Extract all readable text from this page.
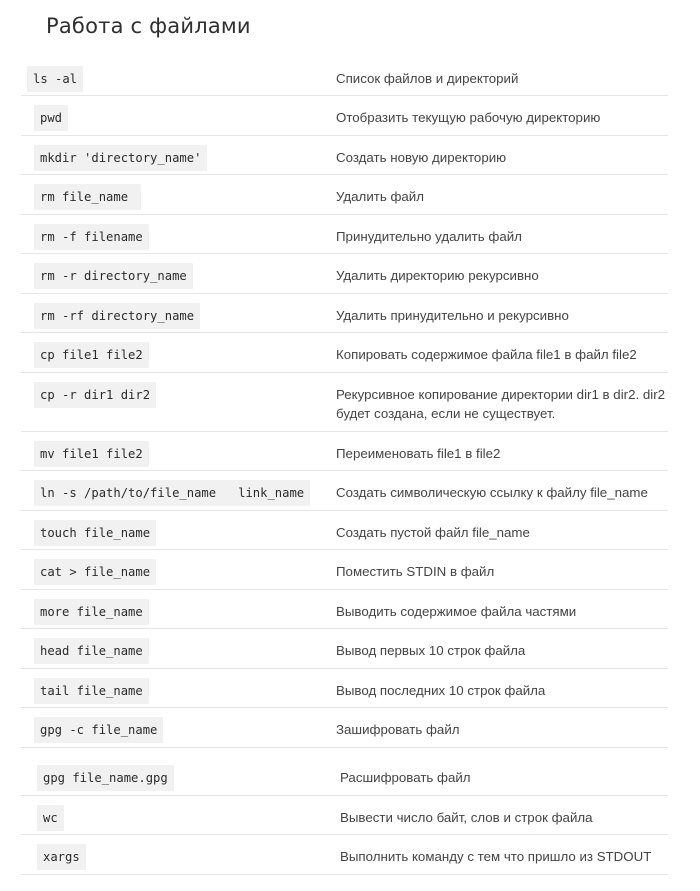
Работа с файлами
ls -al	Список файлов и директорий
pwd	Отобразить текущую рабочую директорию
mkdir 'directory_name'	Создать новую директорию
rm file_name	Удалить файл
rm -f filename	Принудительно удалить файл
rm -r directory_name	Удалить директорию рекурсивно
rm -rf directory_name	Удалить принудительно и рекурсивно
cp file1 file2	Копировать содержимое файла file1 в файл file2
cp -r dir1 dir2	Рекурсивное копирование директории dir1 в dir2. dir2
будет создана, если не существует.
mv file1 file2	Переименовать file1 в file2
ln -s /path/to/file_name   link_name	Создать символическую ссылку к файлу file_name
touch file_name	Создать пустой файл file_name
cat > file_name	Поместить STDIN в файл
more file_name	Выводить содержимое файла частями
head file_name	Вывод первых 10 строк файла
tail file_name	Вывод последних 10 строк файла
gpg -c file_name	Зашифровать файл
gpg file_name.gpg	Расшифровать файл
wc	Вывести число байт, слов и строк файла
xargs	Выполнить команду с тем что пришло из STDOUT
